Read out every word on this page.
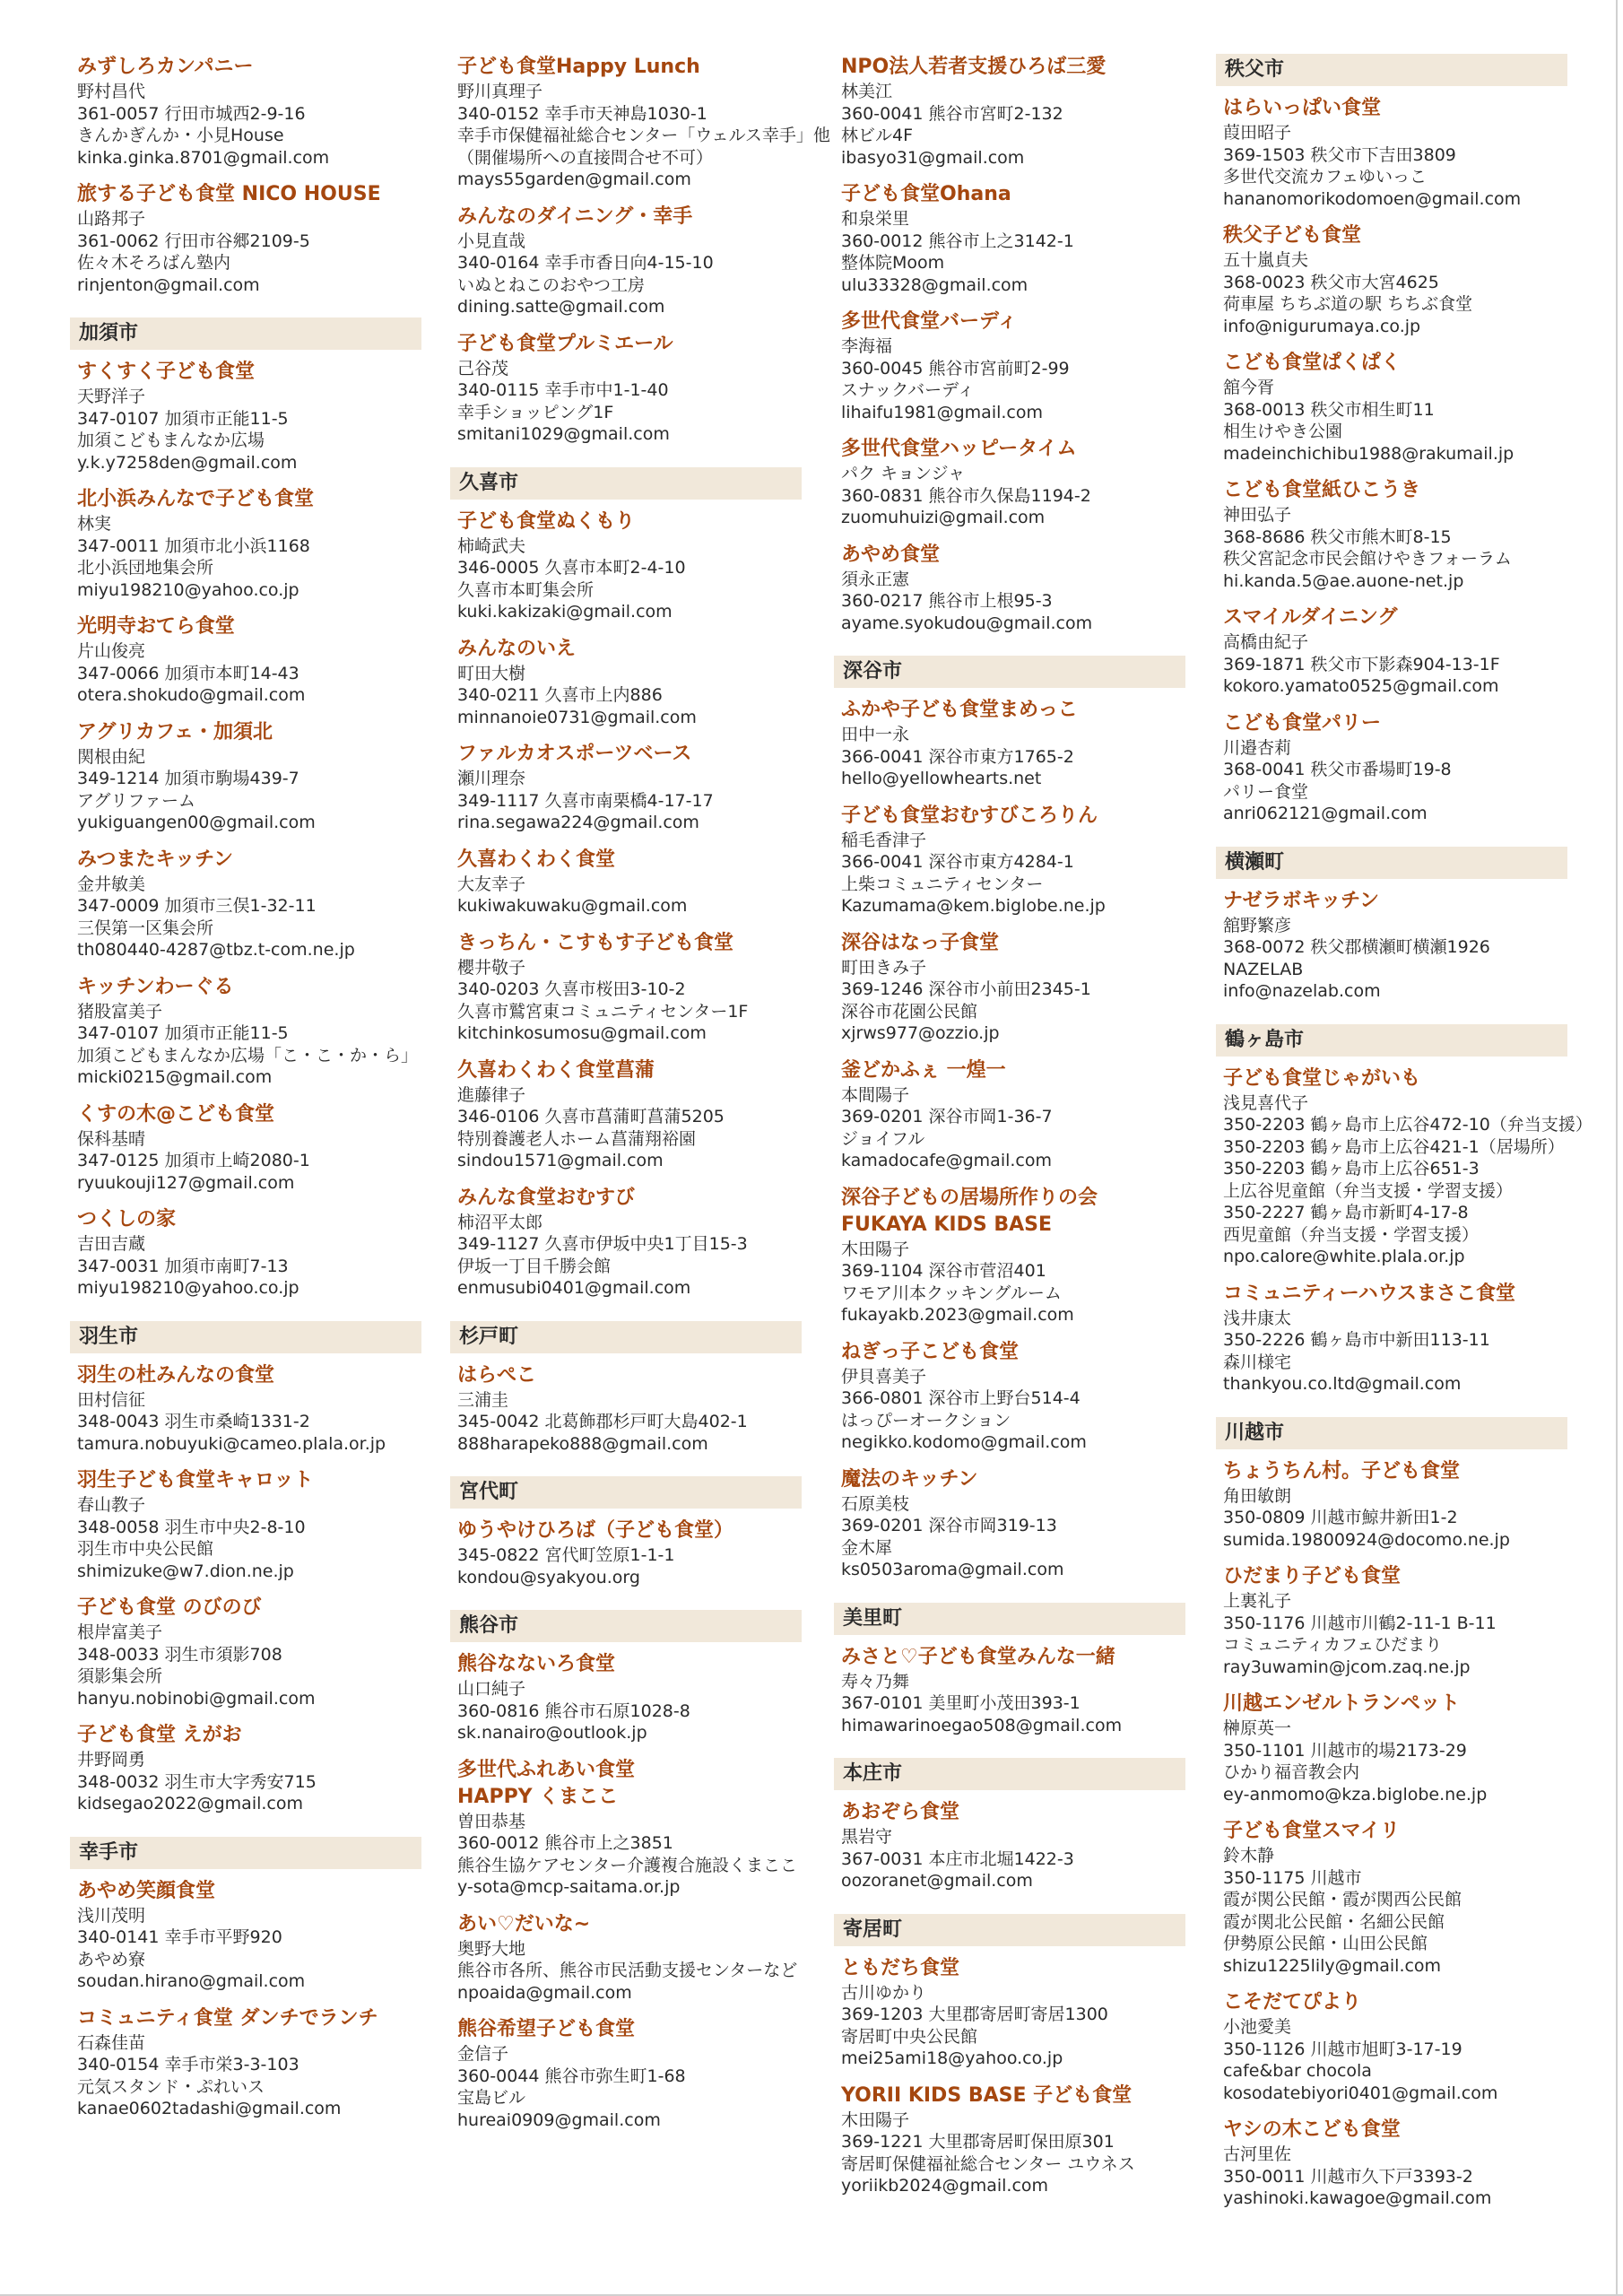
みずしろカンパニー
野村昌代
361-0057 行田市城西2-9-16
きんかぎんか・小見House
kinka.ginka.8701@gmail.com
旅する子ども食堂 NICO HOUSE
山路邦子
361-0062 行田市谷郷2109-5
佐々木そろばん塾内
rinjenton@gmail.com
加須市
すくすく子ども食堂
天野洋子
347-0107 加須市正能11-5
加須こどもまんなか広場
y.k.y7258den@gmail.com
北小浜みんなで子ども食堂
林実
347-0011 加須市北小浜1168
北小浜団地集会所
miyu198210@yahoo.co.jp
光明寺おてら食堂
片山俊亮
347-0066 加須市本町14-43
otera.shokudo@gmail.com
アグリカフェ・加須北
関根由紀
349-1214 加須市駒場439-7
アグリファーム
yukiguangen00@gmail.com
みつまたキッチン
金井敏美
347-0009 加須市三俣1-32-11
三俣第一区集会所
th080440-4287@tbz.t-com.ne.jp
キッチンわーぐる
猪股富美子
347-0107 加須市正能11-5
加須こどもまんなか広場「こ・こ・か・ら」
micki0215@gmail.com
くすの木@こども食堂
保科基晴
347-0125 加須市上崎2080-1
ryuukouji127@gmail.com
つくしの家
吉田吉蔵
347-0031 加須市南町7-13
miyu198210@yahoo.co.jp
羽生市
羽生の杜みんなの食堂
田村信征
348-0043 羽生市桑崎1331-2
tamura.nobuyuki@cameo.plala.or.jp
羽生子ども食堂キャロット
春山教子
348-0058 羽生市中央2-8-10
羽生市中央公民館
shimizuke@w7.dion.ne.jp
子ども食堂 のびのび
根岸富美子
348-0033 羽生市須影708
須影集会所
hanyu.nobinobi@gmail.com
子ども食堂 えがお
井野岡勇
348-0032 羽生市大字秀安715
kidsegao2022@gmail.com
幸手市
あやめ笑顔食堂
浅川茂明
340-0141 幸手市平野920
あやめ寮
soudan.hirano@gmail.com
コミュニティ食堂 ダンチでランチ
石森佳苗
340-0154 幸手市栄3-3-103
元気スタンド・ぷれいス
kanae0602tadashi@gmail.com
子ども食堂Happy Lunch
野川真理子
340-0152 幸手市天神島1030-1
幸手市保健福祉総合センター「ウェルス幸手」他
（開催場所への直接問合せ不可）
mays55garden@gmail.com
みんなのダイニング・幸手
小見直哉
340-0164 幸手市香日向4-15-10
いぬとねこのおやつ工房
dining.satte@gmail.com
子ども食堂プルミエール
己谷茂
340-0115 幸手市中1-1-40
幸手ショッピング1F
smitani1029@gmail.com
久喜市
子ども食堂ぬくもり
柿崎武夫
346-0005 久喜市本町2-4-10
久喜市本町集会所
kuki.kakizaki@gmail.com
みんなのいえ
町田大樹
340-0211 久喜市上内886
minnanoie0731@gmail.com
ファルカオスポーツベース
瀬川理奈
349-1117 久喜市南栗橋4-17-17
rina.segawa224@gmail.com
久喜わくわく食堂
大友幸子
kukiwakuwaku@gmail.com
きっちん・こすもす子ども食堂
櫻井敬子
340-0203 久喜市桜田3-10-2
久喜市鷲宮東コミュニティセンター1F
kitchinkosumosu@gmail.com
久喜わくわく食堂菖蒲
進藤律子
346-0106 久喜市菖蒲町菖蒲5205
特別養護老人ホーム菖蒲翔裕園
sindou1571@gmail.com
みんな食堂おむすび
柿沼平太郎
349-1127 久喜市伊坂中央1丁目15-3
伊坂一丁目千勝会館
enmusubi0401@gmail.com
杉戸町
はらぺこ
三浦圭
345-0042 北葛飾郡杉戸町大島402-1
888harapeko888@gmail.com
宮代町
ゆうやけひろば（子ども食堂）
345-0822 宮代町笠原1-1-1
kondou@syakyou.org
熊谷市
熊谷なないろ食堂
山口純子
360-0816 熊谷市石原1028-8
sk.nanairo@outlook.jp
多世代ふれあい食堂
HAPPY くまここ
曽田恭基
360-0012 熊谷市上之3851
熊谷生協ケアセンター介護複合施設くまここ
y-sota@mcp-saitama.or.jp
あい♡だいな~
奥野大地
熊谷市各所、熊谷市民活動支援センターなど
npoaida@gmail.com
熊谷希望子ども食堂
金信子
360-0044 熊谷市弥生町1-68
宝島ビル
hureai0909@gmail.com
NPO法人若者支援ひろば三愛
林美江
360-0041 熊谷市宮町2-132
林ビル4F
ibasyo31@gmail.com
子ども食堂Ohana
和泉栄里
360-0012 熊谷市上之3142-1
整体院Moom
ulu33328@gmail.com
多世代食堂バーディ
李海福
360-0045 熊谷市宮前町2-99
スナックバーディ
lihaifu1981@gmail.com
多世代食堂ハッピータイム
パク キョンジャ
360-0831 熊谷市久保島1194-2
zuomuhuizi@gmail.com
あやめ食堂
須永正憲
360-0217 熊谷市上根95-3
ayame.syokudou@gmail.com
深谷市
ふかや子ども食堂まめっこ
田中一永
366-0041 深谷市東方1765-2
hello@yellowhearts.net
子ども食堂おむすびころりん
稲毛香津子
366-0041 深谷市東方4284-1
上柴コミュニティセンター
Kazumama@kem.biglobe.ne.jp
深谷はなっ子食堂
町田きみ子
369-1246 深谷市小前田2345-1
深谷市花園公民館
xjrws977@ozzio.jp
釜どかふぇ 一煌一
本間陽子
369-0201 深谷市岡1-36-7
ジョイフル
kamadocafe@gmail.com
深谷子どもの居場所作りの会
FUKAYA KIDS BASE
木田陽子
369-1104 深谷市菅沼401
ワモア川本クッキングルーム
fukayakb.2023@gmail.com
ねぎっ子こども食堂
伊貝喜美子
366-0801 深谷市上野台514-4
はっぴーオークション
negikko.kodomo@gmail.com
魔法のキッチン
石原美枝
369-0201 深谷市岡319-13
金木犀
ks0503aroma@gmail.com
美里町
みさと♡子ども食堂みんな一緒
寿々乃舞
367-0101 美里町小茂田393-1
himawarinoegao508@gmail.com
本庄市
あおぞら食堂
黒岩守
367-0031 本庄市北堀1422-3
oozoranet@gmail.com
寄居町
ともだち食堂
古川ゆかり
369-1203 大里郡寄居町寄居1300
寄居町中央公民館
mei25ami18@yahoo.co.jp
YORII KIDS BASE 子ども食堂
木田陽子
369-1221 大里郡寄居町保田原301
寄居町保健福祉総合センター ユウネス
yoriikb2024@gmail.com
秩父市
はらいっぱい食堂
葭田昭子
369-1503 秩父市下吉田3809
多世代交流カフェゆいっこ
hananomorikodomoen@gmail.com
秩父子ども食堂
五十嵐貞夫
368-0023 秩父市大宮4625
荷車屋 ちちぶ道の駅 ちちぶ食堂
info@nigurumaya.co.jp
こども食堂ぱくぱく
舘今胥
368-0013 秩父市相生町11
相生けやき公園
madeinchichibu1988@rakumail.jp
こども食堂紙ひこうき
神田弘子
368-8686 秩父市熊木町8-15
秩父宮記念市民会館けやきフォーラム
hi.kanda.5@ae.auone-net.jp
スマイルダイニング
高橋由紀子
369-1871 秩父市下影森904-13-1F
kokoro.yamato0525@gmail.com
こども食堂パリー
川邉杏莉
368-0041 秩父市番場町19-8
パリー食堂
anri062121@gmail.com
横瀬町
ナゼラボキッチン
舘野繁彦
368-0072 秩父郡横瀬町横瀬1926
NAZELAB
info@nazelab.com
鶴ヶ島市
子ども食堂じゃがいも
浅見喜代子
350-2203 鶴ヶ島市上広谷472-10（弁当支援）
350-2203 鶴ヶ島市上広谷421-1（居場所）
350-2203 鶴ヶ島市上広谷651-3
上広谷児童館（弁当支援・学習支援）
350-2227 鶴ヶ島市新町4-17-8
西児童館（弁当支援・学習支援）
npo.calore@white.plala.or.jp
コミュニティーハウスまさこ食堂
浅井康太
350-2226 鶴ヶ島市中新田113-11
森川様宅
thankyou.co.ltd@gmail.com
川越市
ちょうちん村。子ども食堂
角田敏朗
350-0809 川越市鯨井新田1-2
sumida.19800924@docomo.ne.jp
ひだまり子ども食堂
上裏礼子
350-1176 川越市川鶴2-11-1 B-11
コミュニティカフェひだまり
ray3uwamin@jcom.zaq.ne.jp
川越エンゼルトランペット
榊原英一
350-1101 川越市的場2173-29
ひかり福音教会内
ey-anmomo@kza.biglobe.ne.jp
子ども食堂スマイリ
鈴木静
350-1175 川越市
霞が関公民館・霞が関西公民館
霞が関北公民館・名細公民館
伊勢原公民館・山田公民館
shizu1225lily@gmail.com
こそだてぴより
小池愛美
350-1126 川越市旭町3-17-19
cafe&bar chocola
kosodatebiyori0401@gmail.com
ヤシの木こども食堂
古河里佐
350-0011 川越市久下戸3393-2
yashinoki.kawagoe@gmail.com
